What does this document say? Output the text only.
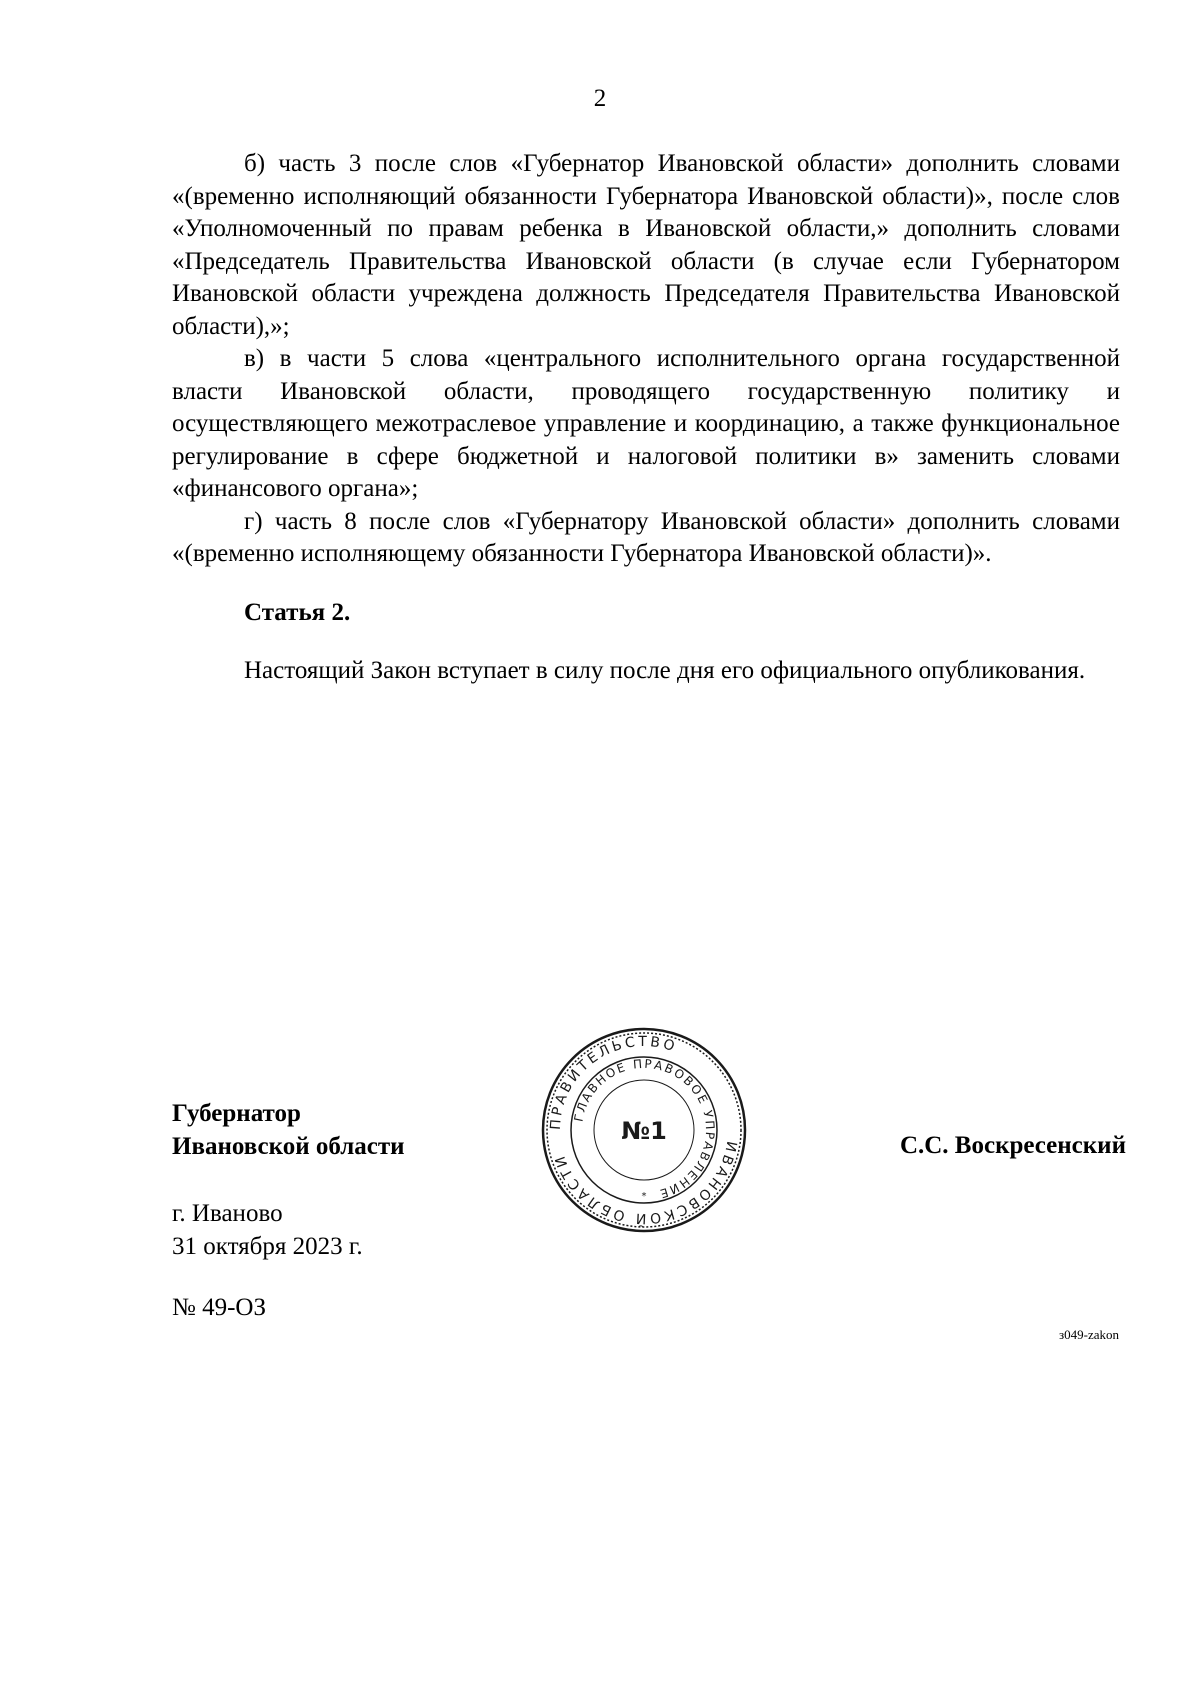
2

б) часть 3 после слов «Губернатор Ивановской области» дополнить словами «(временно исполняющий обязанности Губернатора Ивановской области)», после слов «Уполномоченный по правам ребенка в Ивановской области,» дополнить словами «Председатель Правительства Ивановской области (в случае если Губернатором Ивановской области учреждена должность Председателя Правительства Ивановской области),»;

в) в части 5 слова «центрального исполнительного органа государственной власти Ивановской области, проводящего государственную политику и осуществляющего межотраслевое управление и координацию, а также функциональное регулирование в сфере бюджетной и налоговой политики в» заменить словами «финансового органа»;

г) часть 8 после слов «Губернатору Ивановской области» дополнить словами «(временно исполняющему обязанности Губернатора Ивановской области)».

Статья 2.

Настоящий Закон вступает в силу после дня его официального опубликования.

Губернатор
Ивановской области
ПРАВИТЕЛЬСТВО
ИВАНОВСКОЙ ОБЛАСТИ
ГЛАВНОЕ ПРАВОВОЕ УПРАВЛЕНИЕ
№1
*
С.С. Воскресенский
г. Иваново
31 октября 2023 г.
№ 49-ОЗ
з049-zakon
